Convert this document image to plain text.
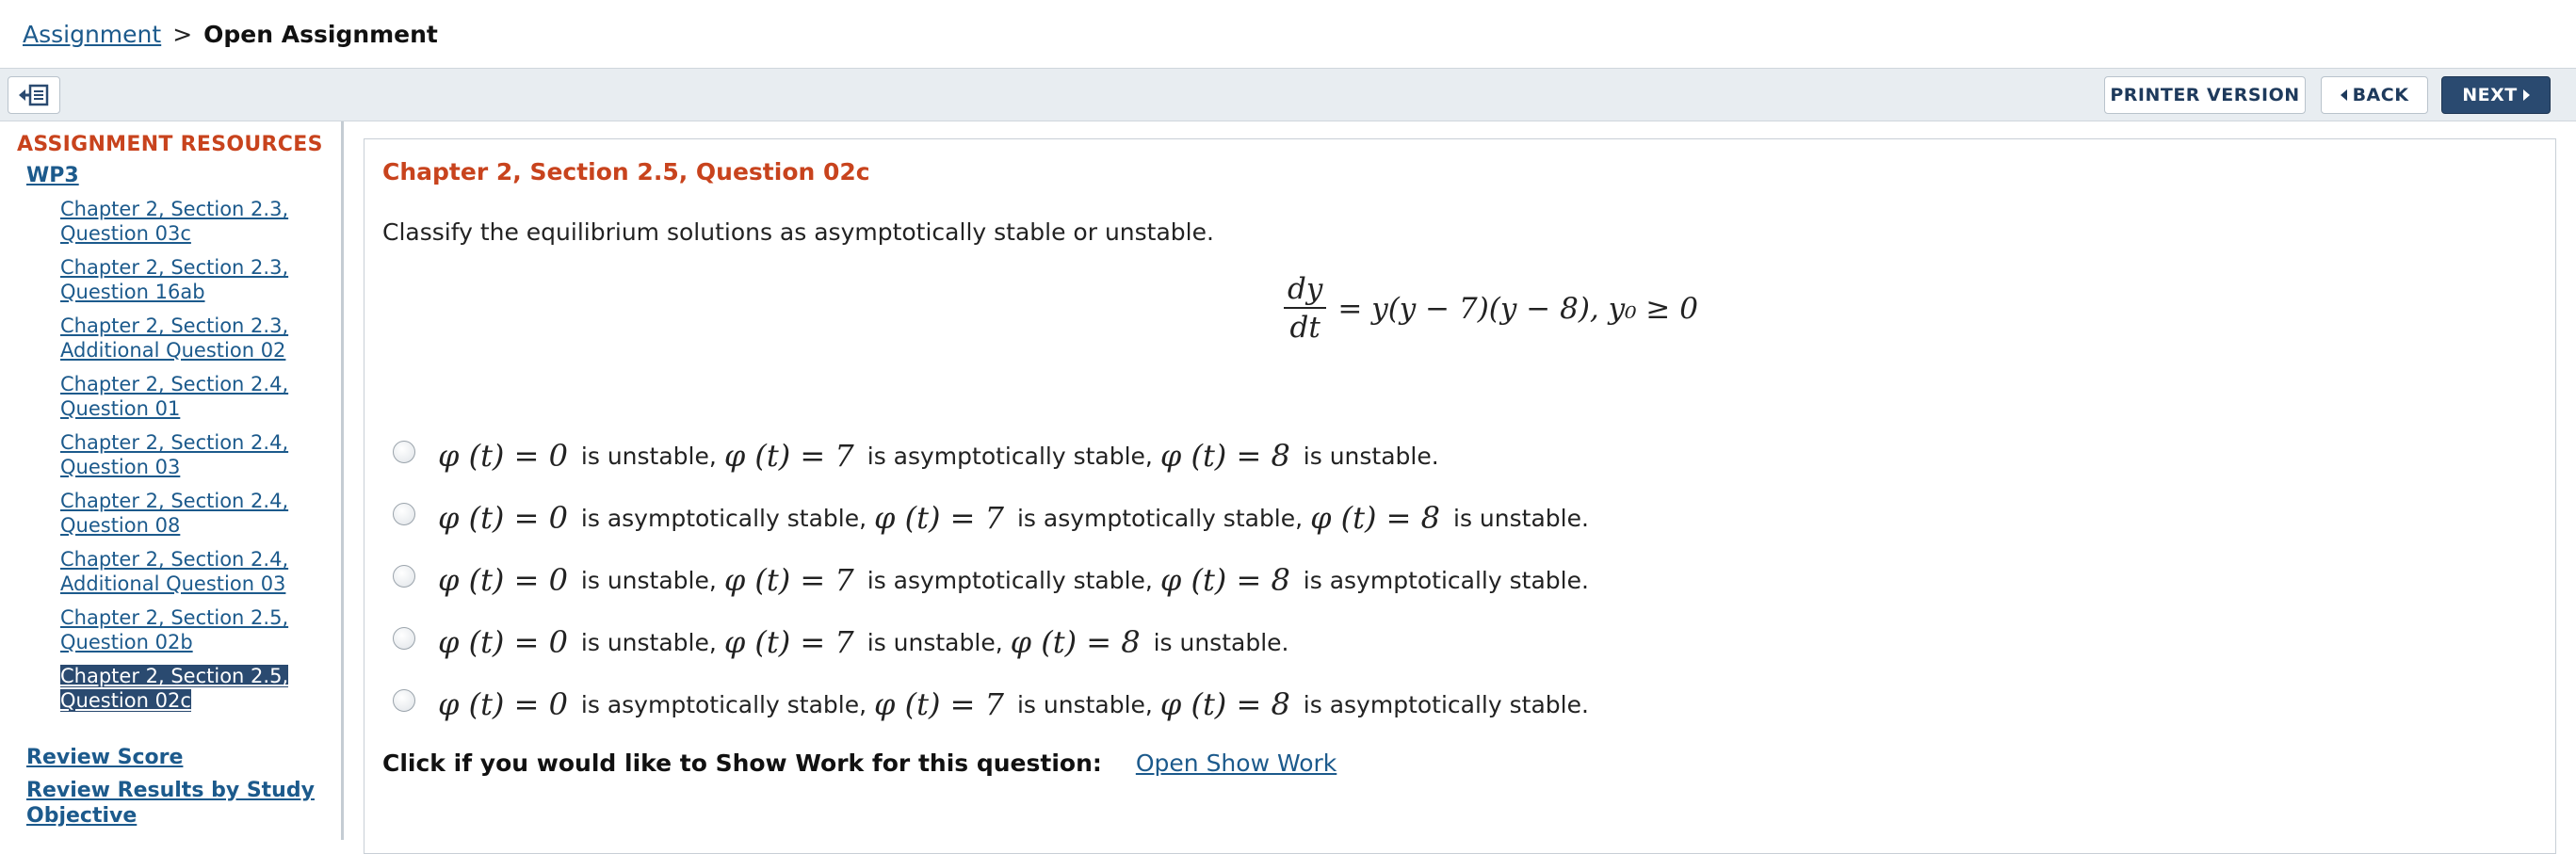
Assignment > Open Assignment
PRINTER VERSION	BACK	NEXT
ASSIGNMENT RESOURCES
WP3
Chapter 2, Section 2.3, Question 03c
Chapter 2, Section 2.3, Question 16ab
Chapter 2, Section 2.3, Additional Question 02
Chapter 2, Section 2.4, Question 01
Chapter 2, Section 2.4, Question 03
Chapter 2, Section 2.4, Question 08
Chapter 2, Section 2.4, Additional Question 03
Chapter 2, Section 2.5, Question 02b
Chapter 2, Section 2.5, Question 02c
Review Score
Review Results by Study Objective
Chapter 2, Section 2.5, Question 02c
Classify the equilibrium solutions as asymptotically stable or unstable.
$\frac{dy}{dt} = y(y - 7)(y - 8)$, y₀ ≥ 0
φ (t) = 0 is unstable, φ (t) = 7 is asymptotically stable, φ (t) = 8 is unstable.
φ (t) = 0 is asymptotically stable, φ (t) = 7 is asymptotically stable, φ (t) = 8 is unstable.
φ (t) = 0 is unstable, φ (t) = 7 is asymptotically stable, φ (t) = 8 is asymptotically stable.
φ (t) = 0 is unstable, φ (t) = 7 is unstable, φ (t) = 8 is unstable.
φ (t) = 0 is asymptotically stable, φ (t) = 7 is unstable, φ (t) = 8 is asymptotically stable.
Click if you would like to Show Work for this question: Open Show Work
